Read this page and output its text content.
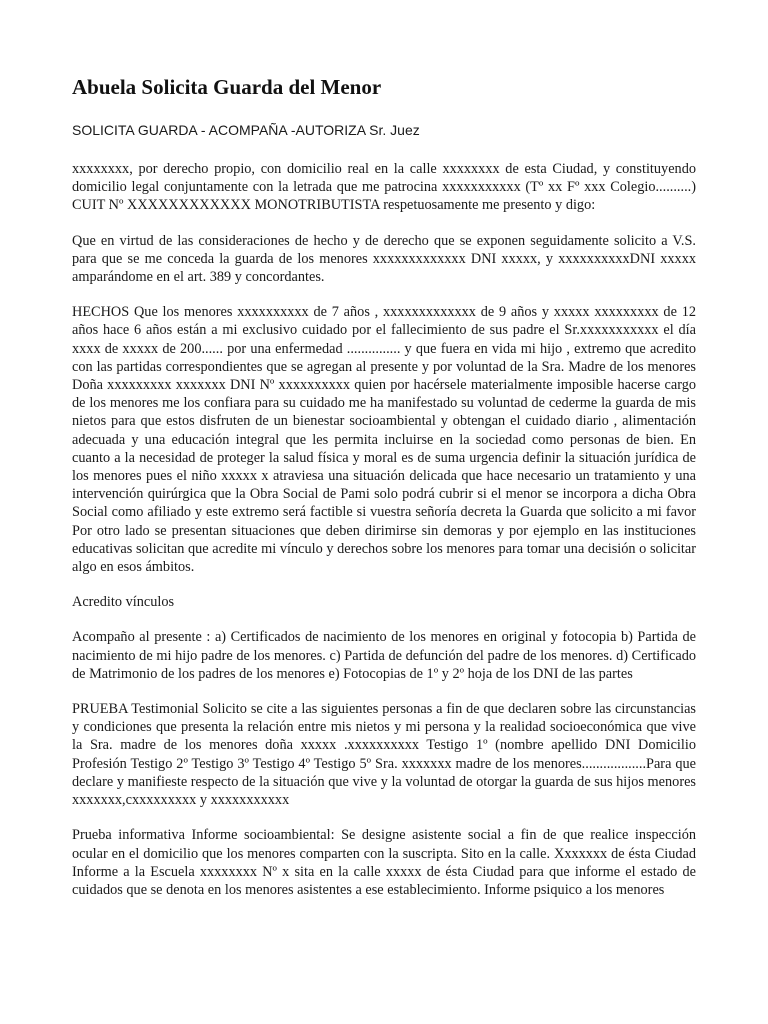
Abuela Solicita Guarda del Menor
SOLICITA GUARDA - ACOMPAÑA -AUTORIZA Sr. Juez

xxxxxxxx, por derecho propio, con domicilio real en la calle xxxxxxxx de esta Ciudad, y constituyendo domicilio legal conjuntamente con la letrada que me patrocina xxxxxxxxxxx (Tº xx Fº xxx Colegio..........) CUIT Nº XXXXXXXXXXXX MONOTRIBUTISTA respetuosamente me presento y digo:

Que en virtud de las consideraciones de hecho y de derecho que se exponen seguidamente solicito a V.S. para que se me conceda la guarda de los menores xxxxxxxxxxxxx DNI xxxxx, y xxxxxxxxxxDNI xxxxx amparándome en el art. 389 y concordantes.

HECHOS Que los menores xxxxxxxxxx de 7 años , xxxxxxxxxxxxx de 9 años y xxxxx xxxxxxxxx de 12 años hace 6 años están a mi exclusivo cuidado por el fallecimiento de sus padre el Sr.xxxxxxxxxxx el día xxxx de xxxxx de 200...... por una enfermedad ............... y que fuera en vida mi hijo , extremo que acredito con las partidas correspondientes que se agregan al presente y por voluntad de la Sra. Madre de los menores Doña xxxxxxxxx xxxxxxx DNI Nº xxxxxxxxxx quien por hacérsele materialmente imposible hacerse cargo de los menores me los confiara para su cuidado me ha manifestado su voluntad de cederme la guarda de mis nietos para que estos disfruten de un bienestar socioambiental y obtengan el cuidado diario , alimentación adecuada y una educación integral que les permita incluirse en la sociedad como personas de bien. En cuanto a la necesidad de proteger la salud física y moral es de suma urgencia definir la situación jurídica de los menores pues el niño xxxxx x atraviesa una situación delicada que hace necesario un tratamiento y una intervención quirúrgica que la Obra Social de Pami solo podrá cubrir si el menor se incorpora a dicha Obra Social como afiliado y este extremo será factible si vuestra señoría decreta la Guarda que solicito a mi favor Por otro lado se presentan situaciones que deben dirimirse sin demoras y por ejemplo en las instituciones educativas solicitan que acredite mi vínculo y derechos sobre los menores para tomar una decisión o solicitar algo en esos ámbitos.

Acredito vínculos

Acompaño al presente : a) Certificados de nacimiento de los menores en original y fotocopia b) Partida de nacimiento de mi hijo padre de los menores. c) Partida de defunción del padre de los menores. d) Certificado de Matrimonio de los padres de los menores e) Fotocopias de 1º y 2º hoja de los DNI de las partes

PRUEBA Testimonial Solicito se cite a las siguientes personas a fin de que declaren sobre las circunstancias y condiciones que presenta la relación entre mis nietos y mi persona y la realidad socioeconómica que vive la Sra. madre de los menores doña xxxxx .xxxxxxxxxx Testigo 1º (nombre apellido DNI Domicilio Profesión Testigo 2º Testigo 3º Testigo 4º Testigo 5º Sra. xxxxxxx madre de los menores..................Para que declare y manifieste respecto de la situación que vive y la voluntad de otorgar la guarda de sus hijos menores xxxxxxx,cxxxxxxxxx y xxxxxxxxxxx

Prueba informativa Informe socioambiental: Se designe asistente social a fin de que realice inspección ocular en el domicilio que los menores comparten con la suscripta. Sito en la calle. Xxxxxxx de ésta Ciudad Informe a la Escuela xxxxxxxx Nº x sita en la calle xxxxx de ésta Ciudad para que informe el estado de cuidados que se denota en los menores asistentes a ese establecimiento. Informe psiquico a los menores
